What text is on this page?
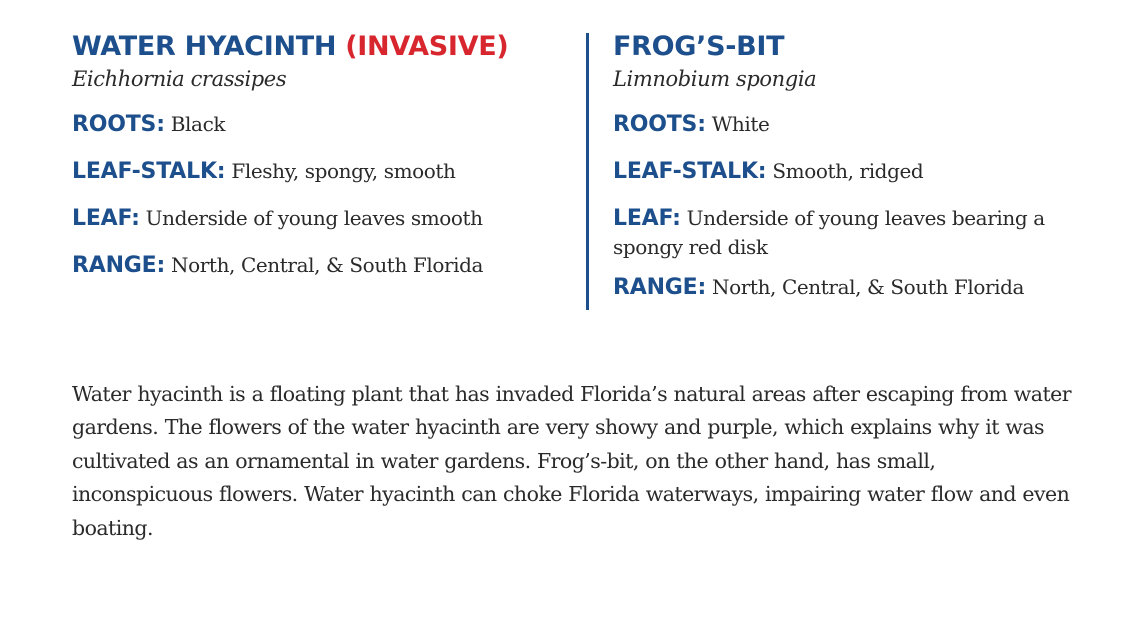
WATER HYACINTH (INVASIVE)
Eichhornia crassipes
ROOTS: Black
LEAF-STALK: Fleshy, spongy, smooth
LEAF: Underside of young leaves smooth
RANGE: North, Central, & South Florida
FROG’S-BIT
Limnobium spongia
ROOTS: White
LEAF-STALK: Smooth, ridged
LEAF: Underside of young leaves bearing a spongy red disk
RANGE: North, Central, & South Florida

Water hyacinth is a floating plant that has invaded Florida’s natural areas after escaping from water gardens. The flowers of the water hyacinth are very showy and purple, which explains why it was cultivated as an ornamental in water gardens. Frog’s-bit, on the other hand, has small, inconspicuous flowers. Water hyacinth can choke Florida waterways, impairing water flow and even boating.
